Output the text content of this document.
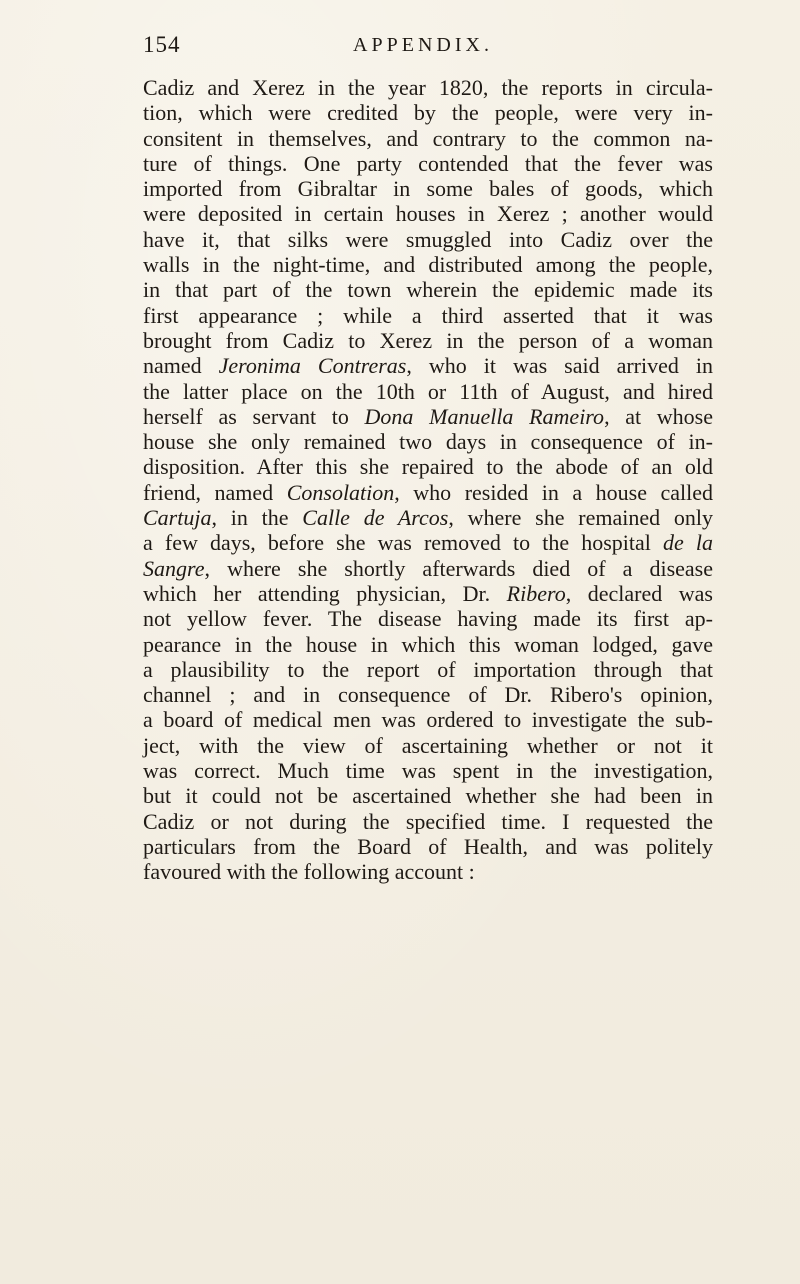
154	APPENDIX.
Cadiz and Xerez in the year 1820, the reports in circula-
tion, which were credited by the people, were very in-
consitent in themselves, and contrary to the common na-
ture of things. One party contended that the fever was
imported from Gibraltar in some bales of goods, which
were deposited in certain houses in Xerez ; another would
have it, that silks were smuggled into Cadiz over the
walls in the night-time, and distributed among the people,
in that part of the town wherein the epidemic made its
first appearance ; while a third asserted that it was
brought from Cadiz to Xerez in the person of a woman
named Jeronima Contreras, who it was said arrived in
the latter place on the 10th or 11th of August, and hired
herself as servant to Dona Manuella Rameiro, at whose
house she only remained two days in consequence of in-
disposition. After this she repaired to the abode of an old
friend, named Consolation, who resided in a house called
Cartuja, in the Calle de Arcos, where she remained only
a few days, before she was removed to the hospital de la
Sangre, where she shortly afterwards died of a disease
which her attending physician, Dr. Ribero, declared was
not yellow fever. The disease having made its first ap-
pearance in the house in which this woman lodged, gave
a plausibility to the report of importation through that
channel ; and in consequence of Dr. Ribero's opinion,
a board of medical men was ordered to investigate the sub-
ject, with the view of ascertaining whether or not it
was correct. Much time was spent in the investigation,
but it could not be ascertained whether she had been in
Cadiz or not during the specified time. I requested the
particulars from the Board of Health, and was politely
favoured with the following account :
